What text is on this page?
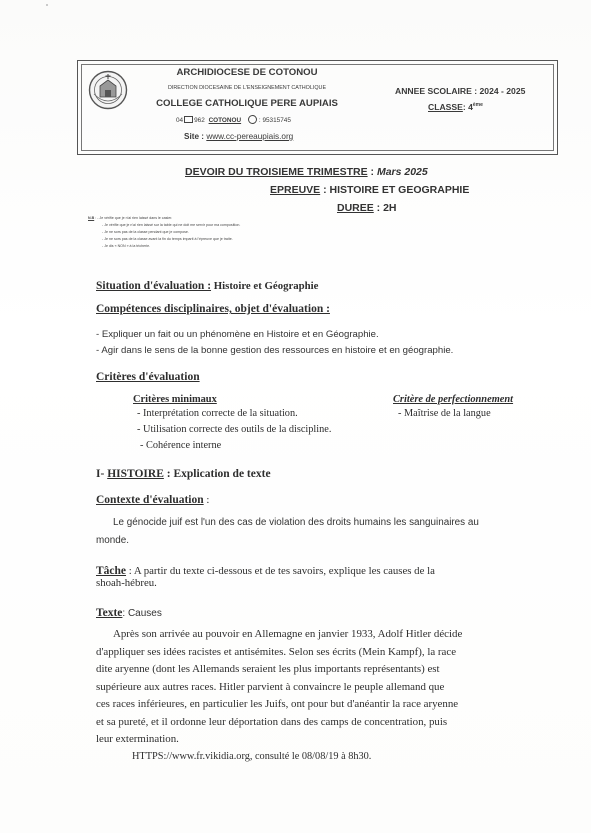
ARCHIDIOCESE DE COTONOU
DIRECTION DIOCESAINE DE L'ENSEIGNEMENT CATHOLIQUE
COLLEGE CATHOLIQUE PERE AUPIAIS
04 962 COTONOU	: 95315745
Site : www.cc-pereaupiais.org
ANNEE SCOLAIRE : 2024 - 2025
CLASSE: 4ème
DEVOIR DU TROISIEME TRIMESTRE : Mars 2025
EPREUVE : HISTOIRE ET GEOGRAPHIE
DUREE : 2H
N.B : - Je vérifie que je n'ai rien laissé dans le casier.
- Je vérifie que je n'ai rien laissé sur la table qui ne doit me servir pour ma composition.
- Je ne sors pas de la classe pendant que je compose.
- Je ne sors pas de la classe avant la fin du temps imparti à l'épreuve que je traite.
- Je dis « NON » à la tricherie.
Situation d'évaluation : Histoire et Géographie
Compétences disciplinaires, objet d'évaluation :
- Expliquer un fait ou un phénomène en Histoire et en Géographie.
- Agir dans le sens de la bonne gestion des ressources en histoire et en géographie.
Critères d'évaluation
Critères minimaux	Critère de perfectionnement
- Interprétation correcte de la situation.
- Utilisation correcte des outils de la discipline.
- Cohérence interne
- Maîtrise de la langue
I- HISTOIRE : Explication de texte
Contexte d'évaluation :
Le génocide juif est l'un des cas de violation des droits humains les sanguinaires au
monde.
Tâche : A partir du texte ci-dessous et de tes savoirs, explique les causes de la
shoah-hébreu.
Texte: Causes
Après son arrivée au pouvoir en Allemagne en janvier 1933, Adolf Hitler décide
d'appliquer ses idées racistes et antisémites. Selon ses écrits (Mein Kampf), la race
dite aryenne (dont les Allemands seraient les plus importants représentants) est
supérieure aux autres races. Hitler parvient à convaincre le peuple allemand que
ces races inférieures, en particulier les Juifs, ont pour but d'anéantir la race aryenne
et sa pureté, et il ordonne leur déportation dans des camps de concentration, puis
leur extermination.
HTTPS://www.fr.vikidia.org, consulté le 08/08/19 à 8h30.
